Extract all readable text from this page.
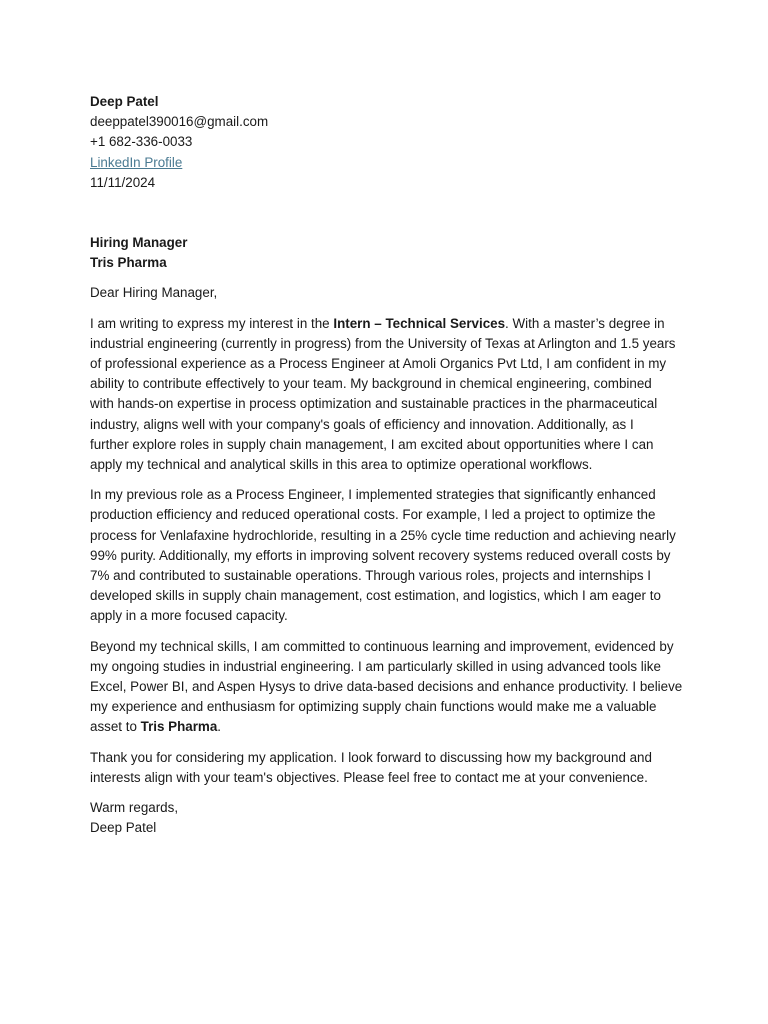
Deep Patel
deeppatel390016@gmail.com
+1 682-336-0033
LinkedIn Profile
11/11/2024
Hiring Manager
Tris Pharma

Dear Hiring Manager,

I am writing to express my interest in the Intern – Technical Services. With a master’s degree in
industrial engineering (currently in progress) from the University of Texas at Arlington and 1.5 years
of professional experience as a Process Engineer at Amoli Organics Pvt Ltd, I am confident in my
ability to contribute effectively to your team. My background in chemical engineering, combined
with hands-on expertise in process optimization and sustainable practices in the pharmaceutical
industry, aligns well with your company's goals of efficiency and innovation. Additionally, as I
further explore roles in supply chain management, I am excited about opportunities where I can
apply my technical and analytical skills in this area to optimize operational workflows.

In my previous role as a Process Engineer, I implemented strategies that significantly enhanced
production efficiency and reduced operational costs. For example, I led a project to optimize the
process for Venlafaxine hydrochloride, resulting in a 25% cycle time reduction and achieving nearly
99% purity. Additionally, my efforts in improving solvent recovery systems reduced overall costs by
7% and contributed to sustainable operations. Through various roles, projects and internships I
developed skills in supply chain management, cost estimation, and logistics, which I am eager to
apply in a more focused capacity.

Beyond my technical skills, I am committed to continuous learning and improvement, evidenced by
my ongoing studies in industrial engineering. I am particularly skilled in using advanced tools like
Excel, Power BI, and Aspen Hysys to drive data-based decisions and enhance productivity. I believe
my experience and enthusiasm for optimizing supply chain functions would make me a valuable
asset to Tris Pharma.

Thank you for considering my application. I look forward to discussing how my background and
interests align with your team's objectives. Please feel free to contact me at your convenience.

Warm regards,
Deep Patel
